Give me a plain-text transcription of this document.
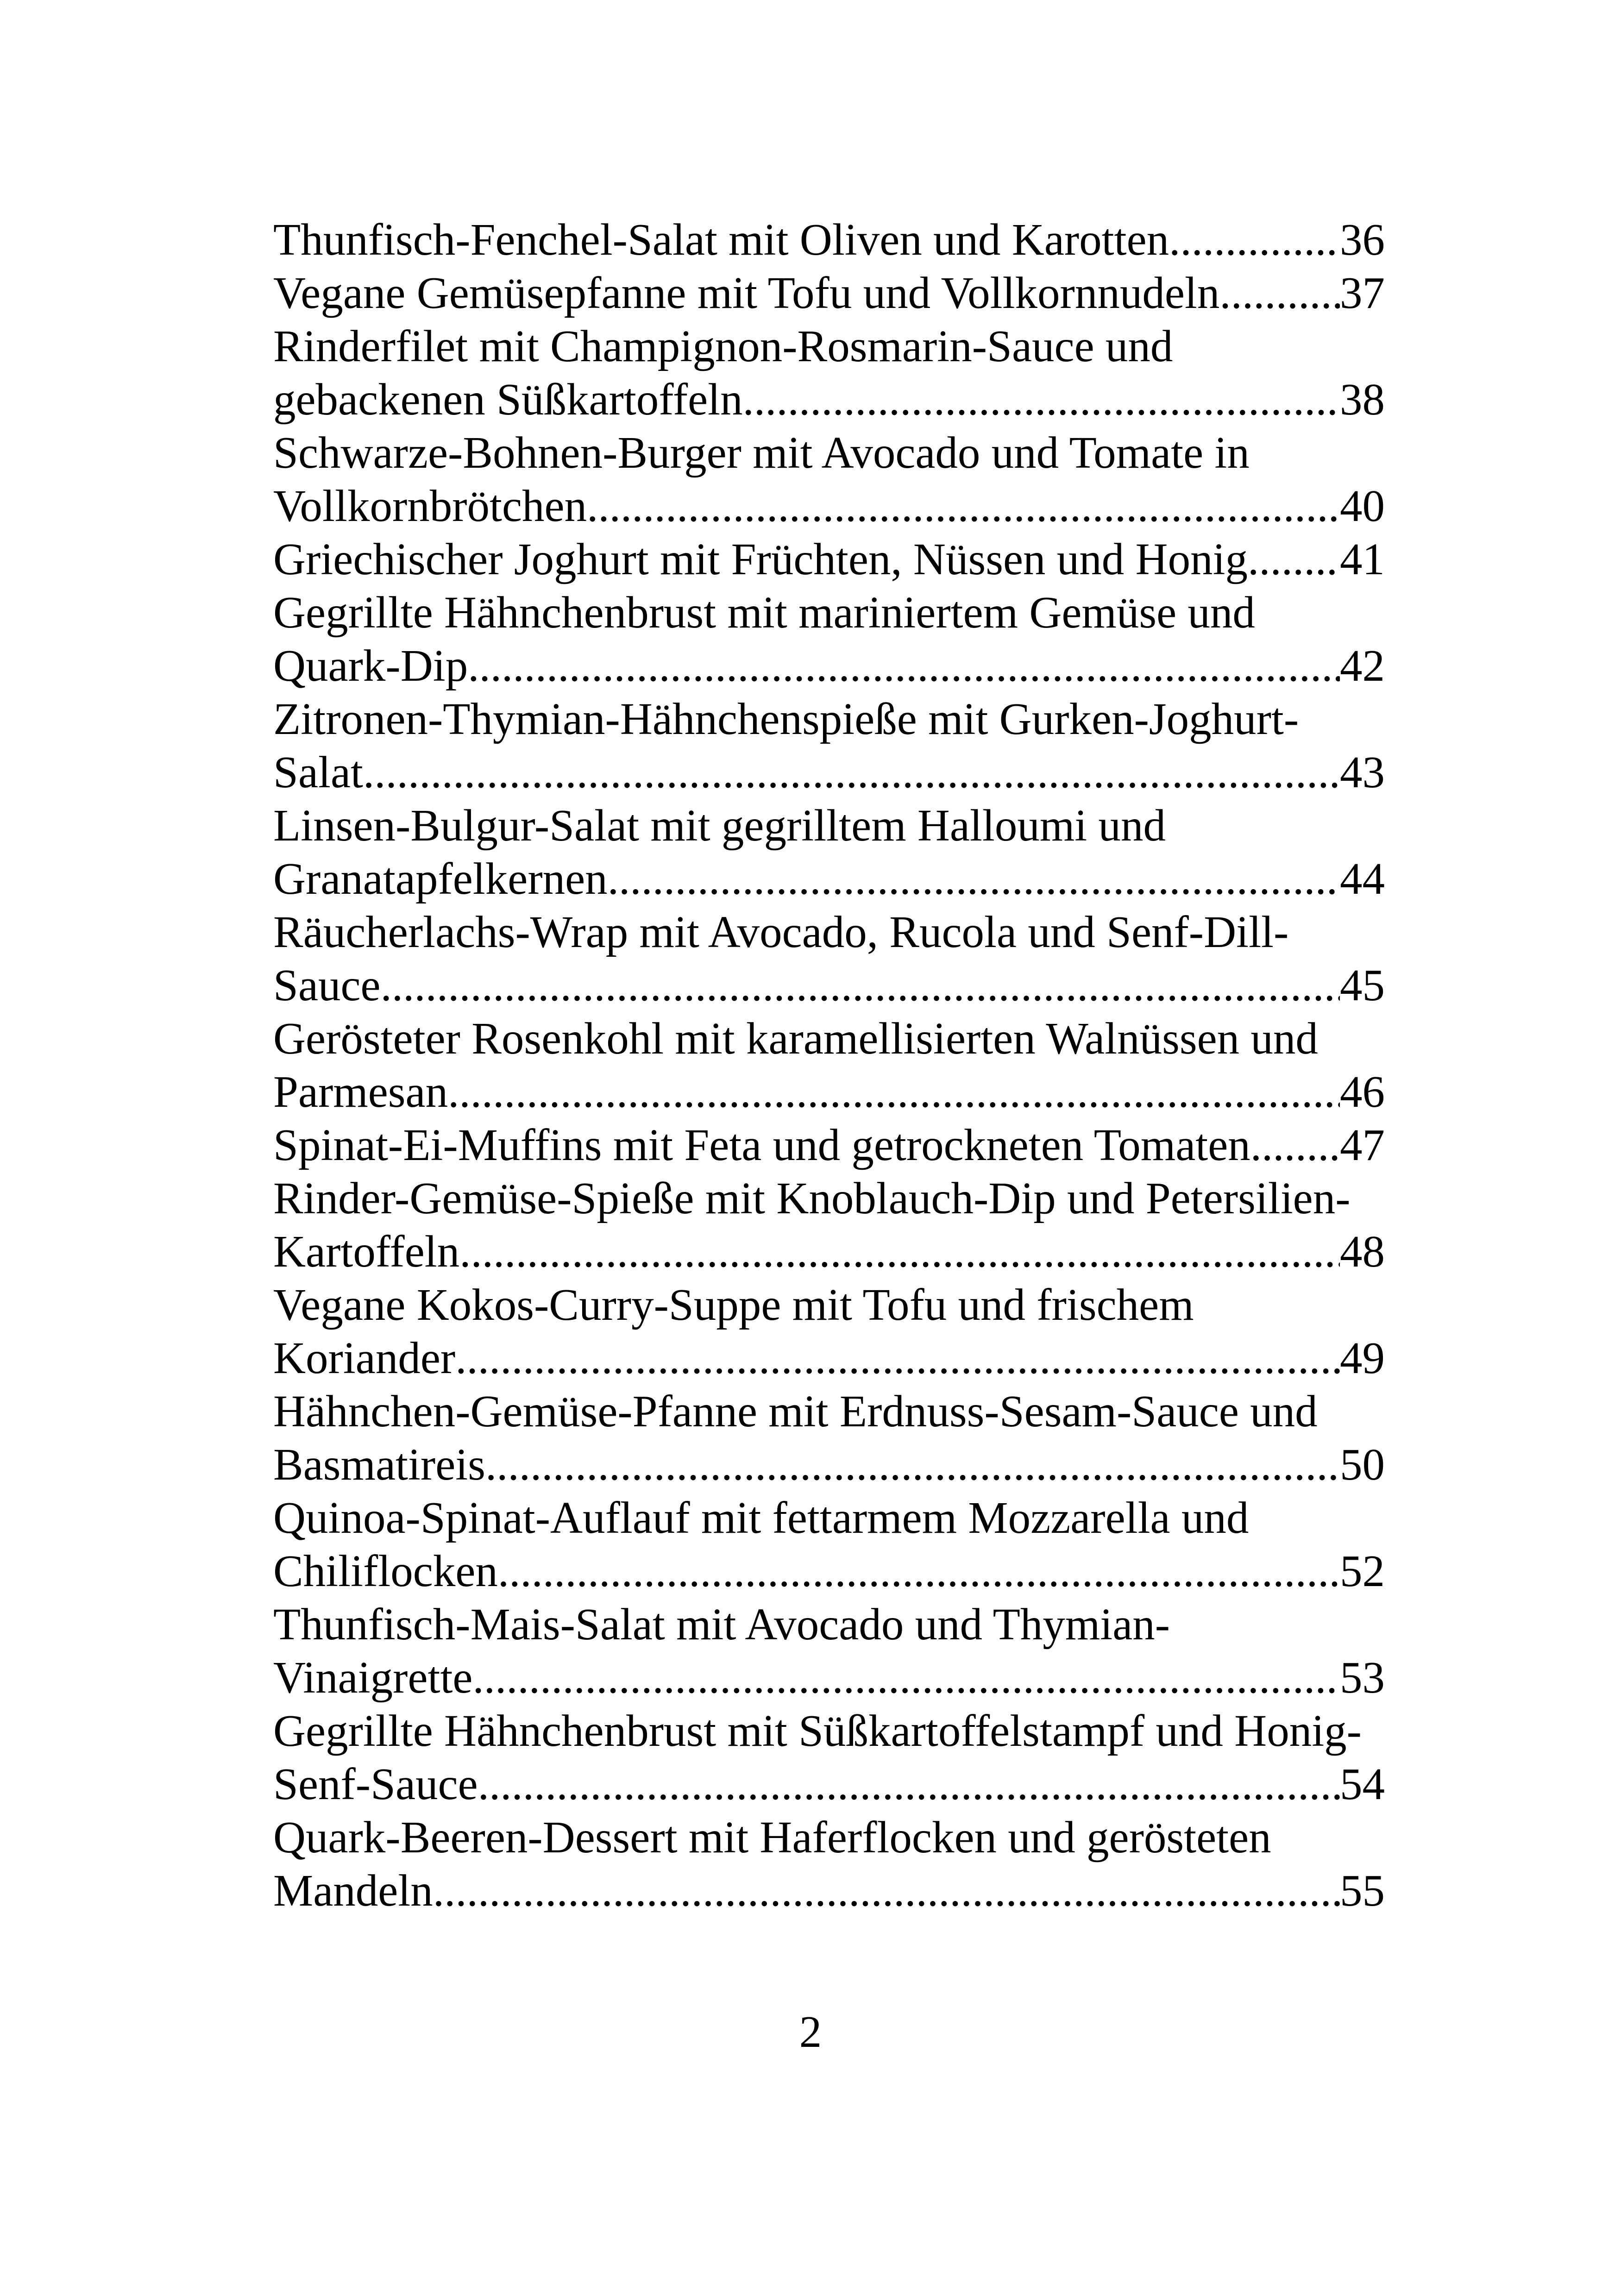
Thunfisch-Fenchel-Salat mit Oliven und Karotten .....	36
Vegane Gemüsepfanne mit Tofu und Vollkornnudeln .....	37
Rinderfilet mit Champignon-Rosmarin-Sauce und
gebackenen Süßkartoffeln .....	38
Schwarze-Bohnen-Burger mit Avocado und Tomate in
Vollkornbrötchen .....	40
Griechischer Joghurt mit Früchten, Nüssen und Honig ..... 41
Gegrillte Hähnchenbrust mit mariniertem Gemüse und
Quark-Dip .....	42
Zitronen-Thymian-Hähnchenspieße mit Gurken-Joghurt-
Salat .....	43
Linsen-Bulgur-Salat mit gegrilltem Halloumi und
Granatapfelkernen .....	44
Räucherlachs-Wrap mit Avocado, Rucola und Senf-Dill-
Sauce .....	45
Gerösteter Rosenkohl mit karamellisierten Walnüssen und
Parmesan .....	46
Spinat-Ei-Muffins mit Feta und getrockneten Tomaten ..... 47
Rinder-Gemüse-Spieße mit Knoblauch-Dip und Petersilien-
Kartoffeln .....	48
Vegane Kokos-Curry-Suppe mit Tofu und frischem
Koriander .....	49
Hähnchen-Gemüse-Pfanne mit Erdnuss-Sesam-Sauce und
Basmatireis .....	50
Quinoa-Spinat-Auflauf mit fettarmem Mozzarella und
Chiliflocken .....	52
Thunfisch-Mais-Salat mit Avocado und Thymian-
Vinaigrette .....	53
Gegrillte Hähnchenbrust mit Süßkartoffelstampf und Honig-
Senf-Sauce .....	54
Quark-Beeren-Dessert mit Haferflocken und gerösteten
Mandeln .....	55
2
